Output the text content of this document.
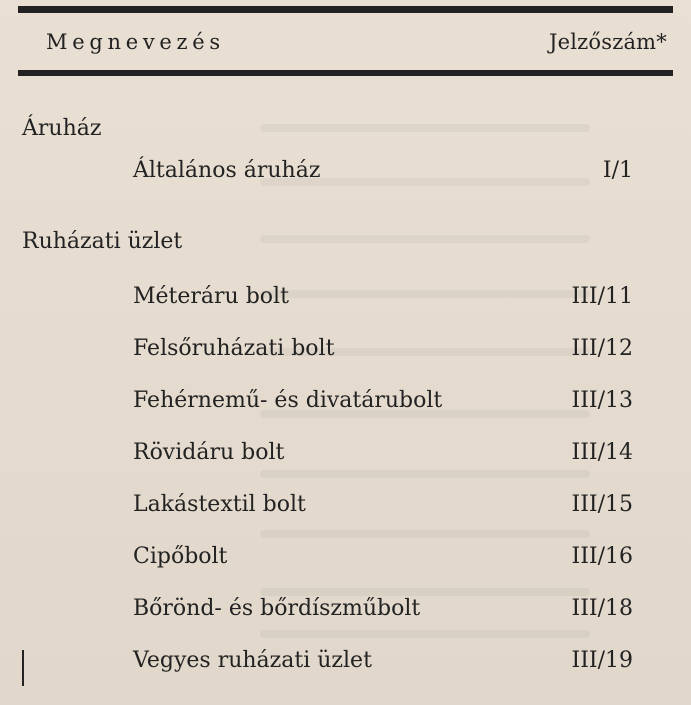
Megnevezés	Jelzőszám*
Áruház
Általános áruház	I/1
Ruházati üzlet
Méteráru bolt	III/11
Felsőruházati bolt	III/12
Fehérnemű- és divatárubolt	III/13
Rövidáru bolt	III/14
Lakástextil bolt	III/15
Cipőbolt	III/16
Bőrönd- és bőrdíszműbolt	III/18
Vegyes ruházati üzlet	III/19
